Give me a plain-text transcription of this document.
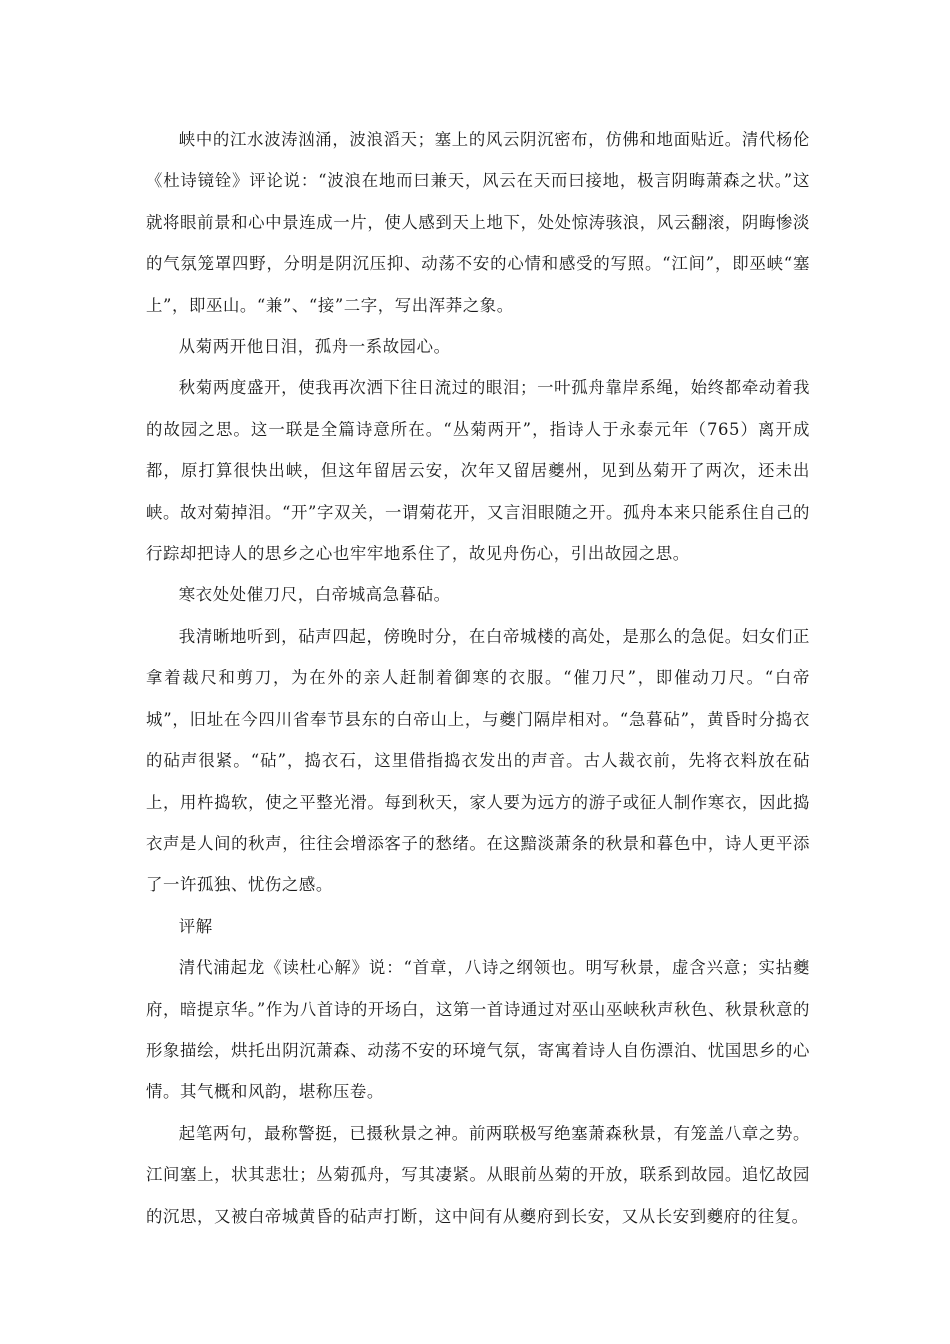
峡中的江水波涛汹涌，波浪滔天；塞上的风云阴沉密布，仿佛和地面贴近。清代杨伦《杜诗镜铨》评论说：“波浪在地而曰兼天，风云在天而曰接地，极言阴晦萧森之状。”这就将眼前景和心中景连成一片，使人感到天上地下，处处惊涛骇浪，风云翻滚，阴晦惨淡的气氛笼罩四野，分明是阴沉压抑、动荡不安的心情和感受的写照。“江间”，即巫峡“塞上”，即巫山。“兼”、“接”二字，写出浑莽之象。

从菊两开他日泪，孤舟一系故园心。

秋菊两度盛开，使我再次洒下往日流过的眼泪；一叶孤舟靠岸系绳，始终都牵动着我的故园之思。这一联是全篇诗意所在。“丛菊两开”，指诗人于永泰元年（765）离开成都，原打算很快出峡，但这年留居云安，次年又留居夔州，见到丛菊开了两次，还未出峡。故对菊掉泪。“开”字双关，一谓菊花开，又言泪眼随之开。孤舟本来只能系住自己的行踪却把诗人的思乡之心也牢牢地系住了，故见舟伤心，引出故园之思。

寒衣处处催刀尺，白帝城高急暮砧。

我清晰地听到，砧声四起，傍晚时分，在白帝城楼的高处，是那么的急促。妇女们正拿着裁尺和剪刀，为在外的亲人赶制着御寒的衣服。“催刀尺”，即催动刀尺。“白帝城”，旧址在今四川省奉节县东的白帝山上，与夔门隔岸相对。“急暮砧”，黄昏时分捣衣的砧声很紧。“砧”，捣衣石，这里借指捣衣发出的声音。古人裁衣前，先将衣料放在砧上，用杵捣软，使之平整光滑。每到秋天，家人要为远方的游子或征人制作寒衣，因此捣衣声是人间的秋声，往往会增添客子的愁绪。在这黯淡萧条的秋景和暮色中，诗人更平添了一许孤独、忧伤之感。

评解

清代浦起龙《读杜心解》说：“首章，八诗之纲领也。明写秋景，虚含兴意；实拈夔府，暗提京华。”作为八首诗的开场白，这第一首诗通过对巫山巫峡秋声秋色、秋景秋意的形象描绘，烘托出阴沉萧森、动荡不安的环境气氛，寄寓着诗人自伤漂泊、忧国思乡的心情。其气概和风韵，堪称压卷。

起笔两句，最称警挺，已摄秋景之神。前两联极写绝塞萧森秋景，有笼盖八章之势。江间塞上，状其悲壮；丛菊孤舟，写其凄紧。从眼前丛菊的开放，联系到故园。追忆故园的沉思，又被白帝城黄昏的砧声打断，这中间有从夔府到长安，又从长安到夔府的往复。
